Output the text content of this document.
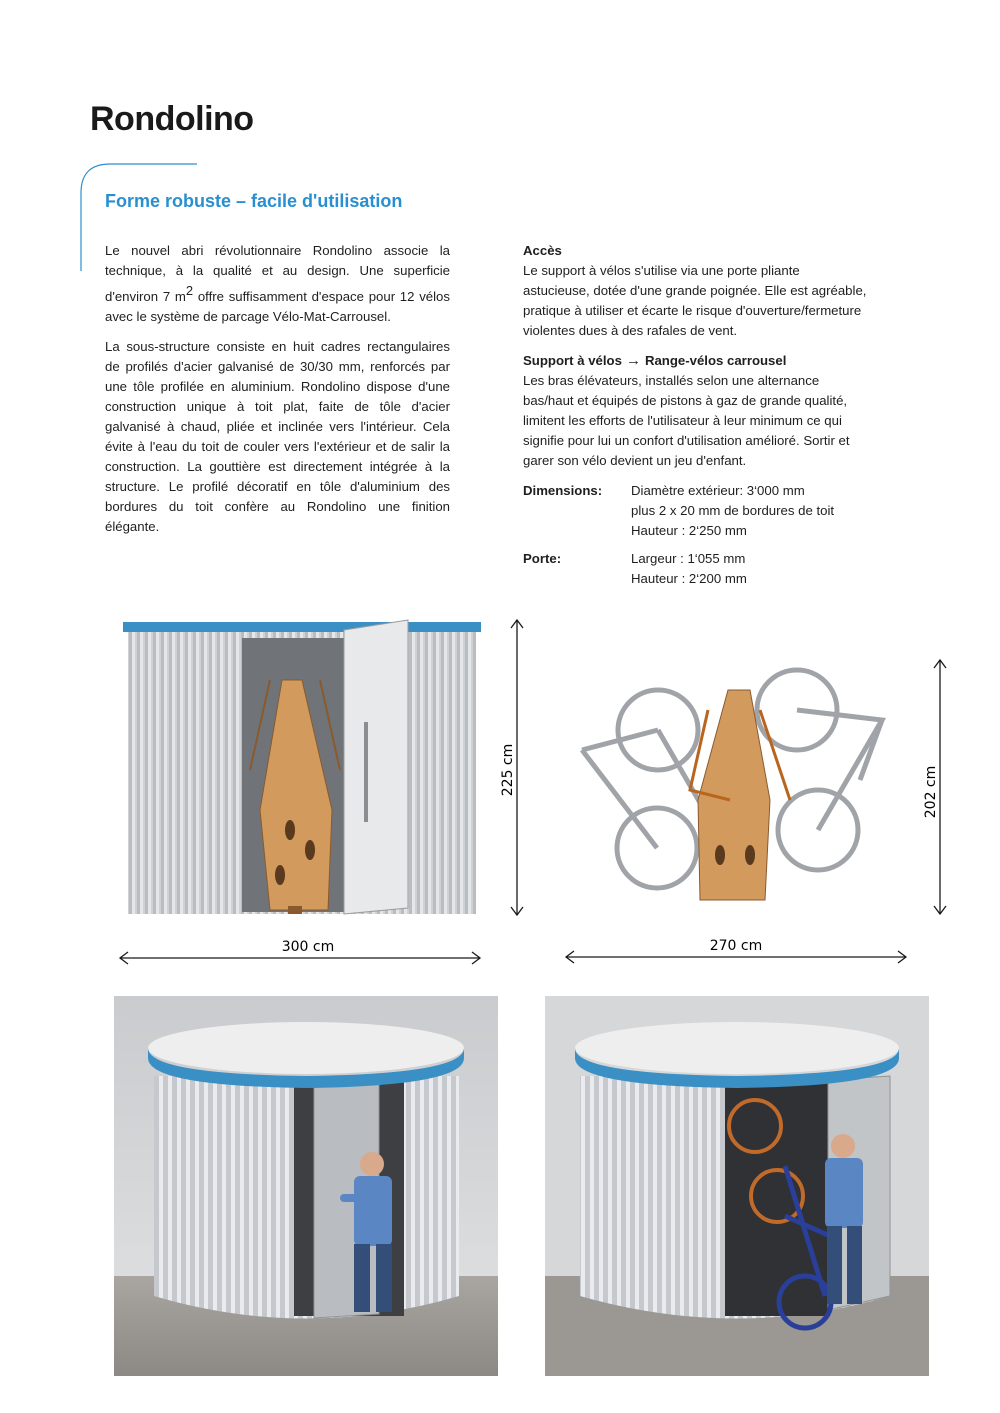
Rondolino
Forme robuste – facile d'utilisation

Le nouvel abri révolutionnaire Rondolino associe la technique, à la qualité et au design. Une superficie d'environ 7 $m^2$ offre suffisamment d'espace pour 12 vélos avec le système de parcage Vélo-Mat-Carrousel.

La sous-structure consiste en huit cadres rectangulaires de profilés d'acier galvanisé de 30/30 mm, renforcés par une tôle profilée en aluminium. Rondolino dispose d'une construction unique à toit plat, faite de tôle d'acier galvanisé à chaud, pliée et inclinée vers l'intérieur. Cela évite à l'eau du toit de couler vers l'extérieur et de salir la construction. La gouttière est directement intégrée à la structure. Le profilé décoratif en tôle d'aluminium des bordures du toit confère au Rondolino une finition élégante.

Accès

Le support à vélos s'utilise via une porte pliante astucieuse, dotée d'une grande poignée. Elle est agréable, pratique à utiliser et écarte le risque d'ouverture/fermeture violentes dues à des rafales de vent.

Support à vélos → Range-vélos carrousel

Les bras élévateurs, installés selon une alternance bas/haut et équipés de pistons à gaz de grande qualité, limitent les efforts de l'utilisateur à leur minimum ce qui signifie pour lui un confort d'utilisation amélioré. Sortir et garer son vélo devient un jeu d'enfant.

Dimensions:	Diamètre extérieur: 3‘000 mm
plus 2 x 20 mm de bordures de toit
Hauteur : 2‘250 mm
Porte:	Largeur : 1‘055 mm
Hauteur : 2‘200 mm
300 cm
225 cm
270 cm
202 cm
